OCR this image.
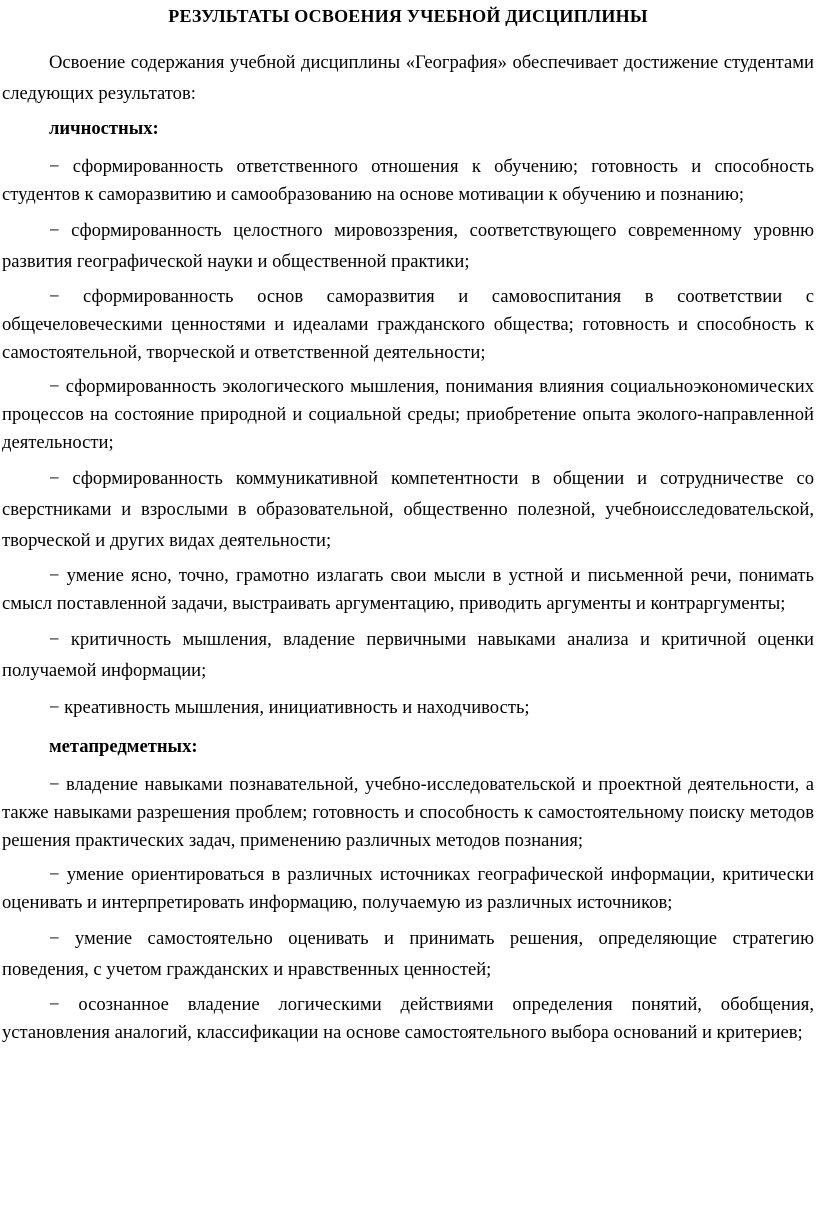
РЕЗУЛЬТАТЫ ОСВОЕНИЯ УЧЕБНОЙ ДИСЦИПЛИНЫ

Освоение содержания учебной дисциплины «География» обеспечивает достижение студентами следующих результатов:

личностных:

− сформированность ответственного отношения к обучению; готовность и способность студентов к саморазвитию и самообразованию на основе мотивации к обучению и познанию;

− сформированность целостного мировоззрения, соответствующего современному уровню развития географической науки и общественной практики;

− сформированность основ саморазвития и самовоспитания в соответствии с общечеловеческими ценностями и идеалами гражданского общества; готовность и способность к самостоятельной, творческой и ответственной деятельности;

− сформированность экологического мышления, понимания влияния социальноэкономических процессов на состояние природной и социальной среды; приобретение опыта эколого-направленной деятельности;

− сформированность коммуникативной компетентности в общении и сотрудничестве со сверстниками и взрослыми в образовательной, общественно полезной, учебноисследовательской, творческой и других видах деятельности;

− умение ясно, точно, грамотно излагать свои мысли в устной и письменной речи, понимать смысл поставленной задачи, выстраивать аргументацию, приводить аргументы и контраргументы;

− критичность мышления, владение первичными навыками анализа и критичной оценки получаемой информации;

− креативность мышления, инициативность и находчивость;

метапредметных:

− владение навыками познавательной, учебно-исследовательской и проектной деятельности, а также навыками разрешения проблем; готовность и способность к самостоятельному поиску методов решения практических задач, применению различных методов познания;

− умение ориентироваться в различных источниках географической информации, критически оценивать и интерпретировать информацию, получаемую из различных источников;

− умение самостоятельно оценивать и принимать решения, определяющие стратегию поведения, с учетом гражданских и нравственных ценностей;

− осознанное владение логическими действиями определения понятий, обобщения, установления аналогий, классификации на основе самостоятельного выбора оснований и критериев;
